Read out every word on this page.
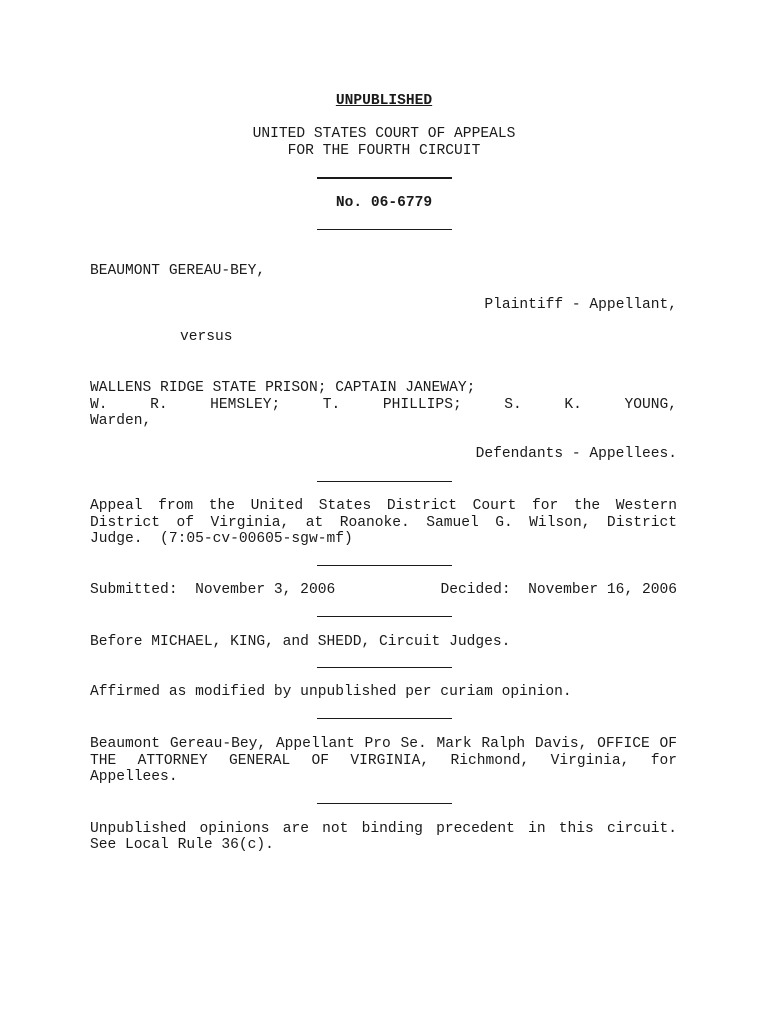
UNPUBLISHED
UNITED STATES COURT OF APPEALS
FOR THE FOURTH CIRCUIT
No. 06-6779
BEAUMONT GEREAU-BEY,
Plaintiff - Appellant,
versus
WALLENS RIDGE STATE PRISON; CAPTAIN JANEWAY;
W. R. HEMSLEY; T. PHILLIPS; S. K. YOUNG,
Warden,
Defendants - Appellees.
Appeal from the United States District Court for the Western
District of Virginia, at Roanoke. Samuel G. Wilson, District
Judge.  (7:05-cv-00605-sgw-mf)
Submitted:  November 3, 2006	Decided:  November 16, 2006
Before MICHAEL, KING, and SHEDD, Circuit Judges.
Affirmed as modified by unpublished per curiam opinion.
Beaumont Gereau-Bey, Appellant Pro Se. Mark Ralph Davis, OFFICE OF
THE ATTORNEY GENERAL OF VIRGINIA, Richmond, Virginia, for
Appellees.
Unpublished opinions are not binding precedent in this circuit.
See Local Rule 36(c).
